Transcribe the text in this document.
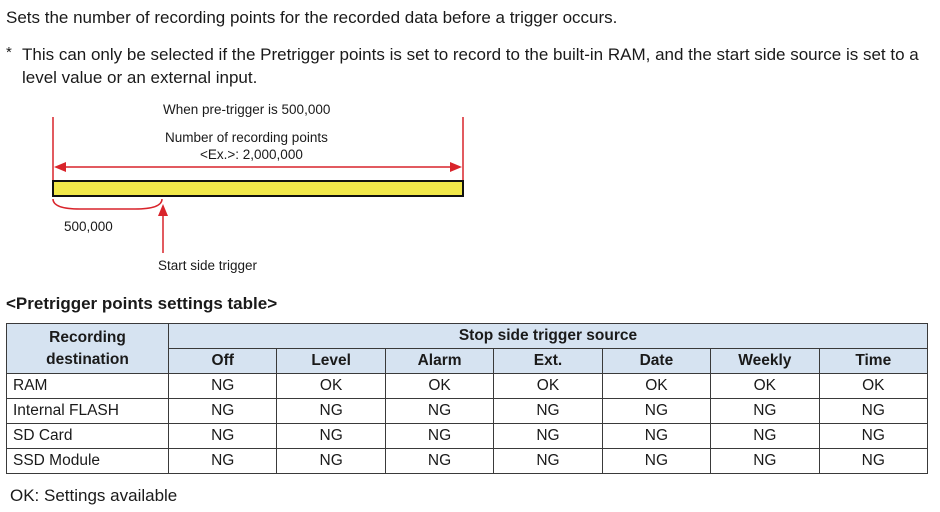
Sets the number of recording points for the recorded data before a trigger occurs.
* This can only be selected if the Pretrigger points is set to record to the built-in RAM, and the start side source is set to a level value or an external input.
When pre-trigger is 500,000
Number of recording points
<Ex.>: 2,000,000
500,000
Start side trigger
<Pretrigger points settings table>
Recording
destination	Stop side trigger source						
	Off	Level	Alarm	Ext.	Date	Weekly	Time
RAM	NG	OK	OK	OK	OK	OK	OK
Internal FLASH	NG	NG	NG	NG	NG	NG	NG
SD Card	NG	NG	NG	NG	NG	NG	NG
SSD Module	NG	NG	NG	NG	NG	NG	NG
OK: Settings available
